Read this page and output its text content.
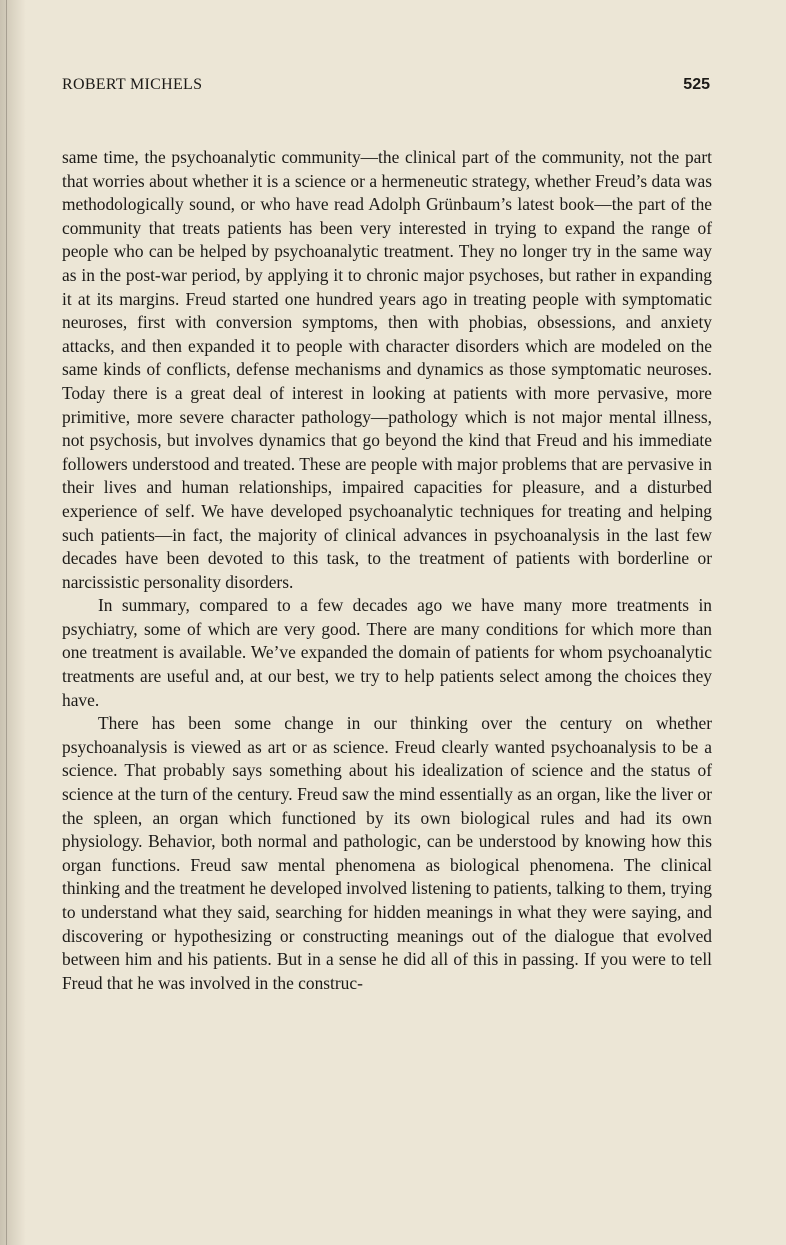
ROBERT MICHELS	525

same time, the psychoanalytic community—the clinical part of the community, not the part that worries about whether it is a science or a hermeneutic strategy, whether Freud’s data was methodologically sound, or who have read Adolph Grünbaum’s latest book—the part of the community that treats patients has been very interested in trying to expand the range of people who can be helped by psychoanalytic treatment. They no longer try in the same way as in the post-war period, by applying it to chronic major psychoses, but rather in expanding it at its margins. Freud started one hundred years ago in treating people with symptomatic neuroses, first with conversion symptoms, then with phobias, obsessions, and anxiety attacks, and then expanded it to people with character disorders which are modeled on the same kinds of conflicts, defense mechanisms and dynamics as those symptomatic neuroses. Today there is a great deal of interest in looking at patients with more pervasive, more primitive, more severe character pathology—pathology which is not major mental illness, not psychosis, but involves dynamics that go beyond the kind that Freud and his immediate followers understood and treated. These are people with major problems that are pervasive in their lives and human relationships, impaired capacities for pleasure, and a disturbed experience of self. We have developed psychoanalytic techniques for treating and helping such patients—in fact, the majority of clinical advances in psychoanalysis in the last few decades have been devoted to this task, to the treatment of patients with borderline or narcissistic personality disorders.

In summary, compared to a few decades ago we have many more treatments in psychiatry, some of which are very good. There are many conditions for which more than one treatment is available. We’ve expanded the domain of patients for whom psychoanalytic treatments are useful and, at our best, we try to help patients select among the choices they have.

There has been some change in our thinking over the century on whether psychoanalysis is viewed as art or as science. Freud clearly wanted psychoanalysis to be a science. That probably says something about his idealization of science and the status of science at the turn of the century. Freud saw the mind essentially as an organ, like the liver or the spleen, an organ which functioned by its own biological rules and had its own physiology. Behavior, both normal and pathologic, can be understood by knowing how this organ functions. Freud saw mental phenomena as biological phenomena. The clinical thinking and the treatment he developed involved listening to patients, talking to them, trying to understand what they said, searching for hidden meanings in what they were saying, and discovering or hypothesizing or constructing meanings out of the dialogue that evolved between him and his patients. But in a sense he did all of this in passing. If you were to tell Freud that he was involved in the construc-
